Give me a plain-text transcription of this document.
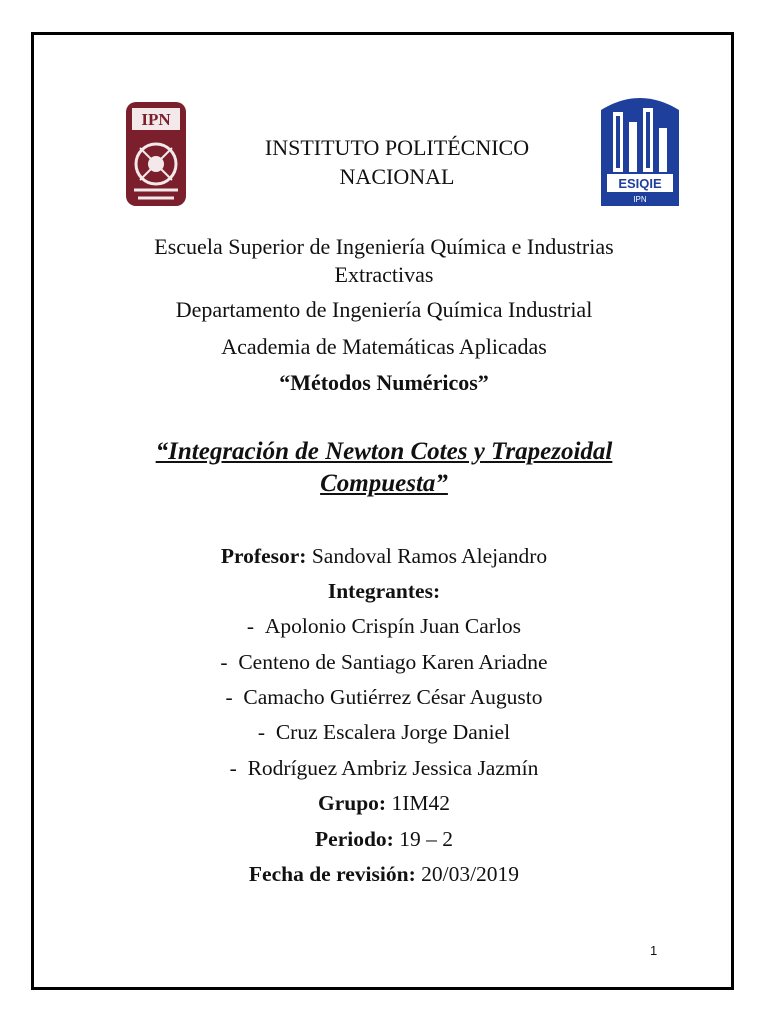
IPN
ESIQIE
IPN
INSTITUTO POLITÉCNICO
NACIONAL
Escuela Superior de Ingeniería Química e Industrias
Extractivas
Departamento de Ingeniería Química Industrial
Academia de Matemáticas Aplicadas
“Métodos Numéricos”
“Integración de Newton Cotes y Trapezoidal
Compuesta”
Profesor: Sandoval Ramos Alejandro
Integrantes:
- Apolonio Crispín Juan Carlos
- Centeno de Santiago Karen Ariadne
- Camacho Gutiérrez César Augusto
- Cruz Escalera Jorge Daniel
- Rodríguez Ambriz Jessica Jazmín
Grupo: 1IM42
Periodo: 19 – 2
Fecha de revisión: 20/03/2019
1
